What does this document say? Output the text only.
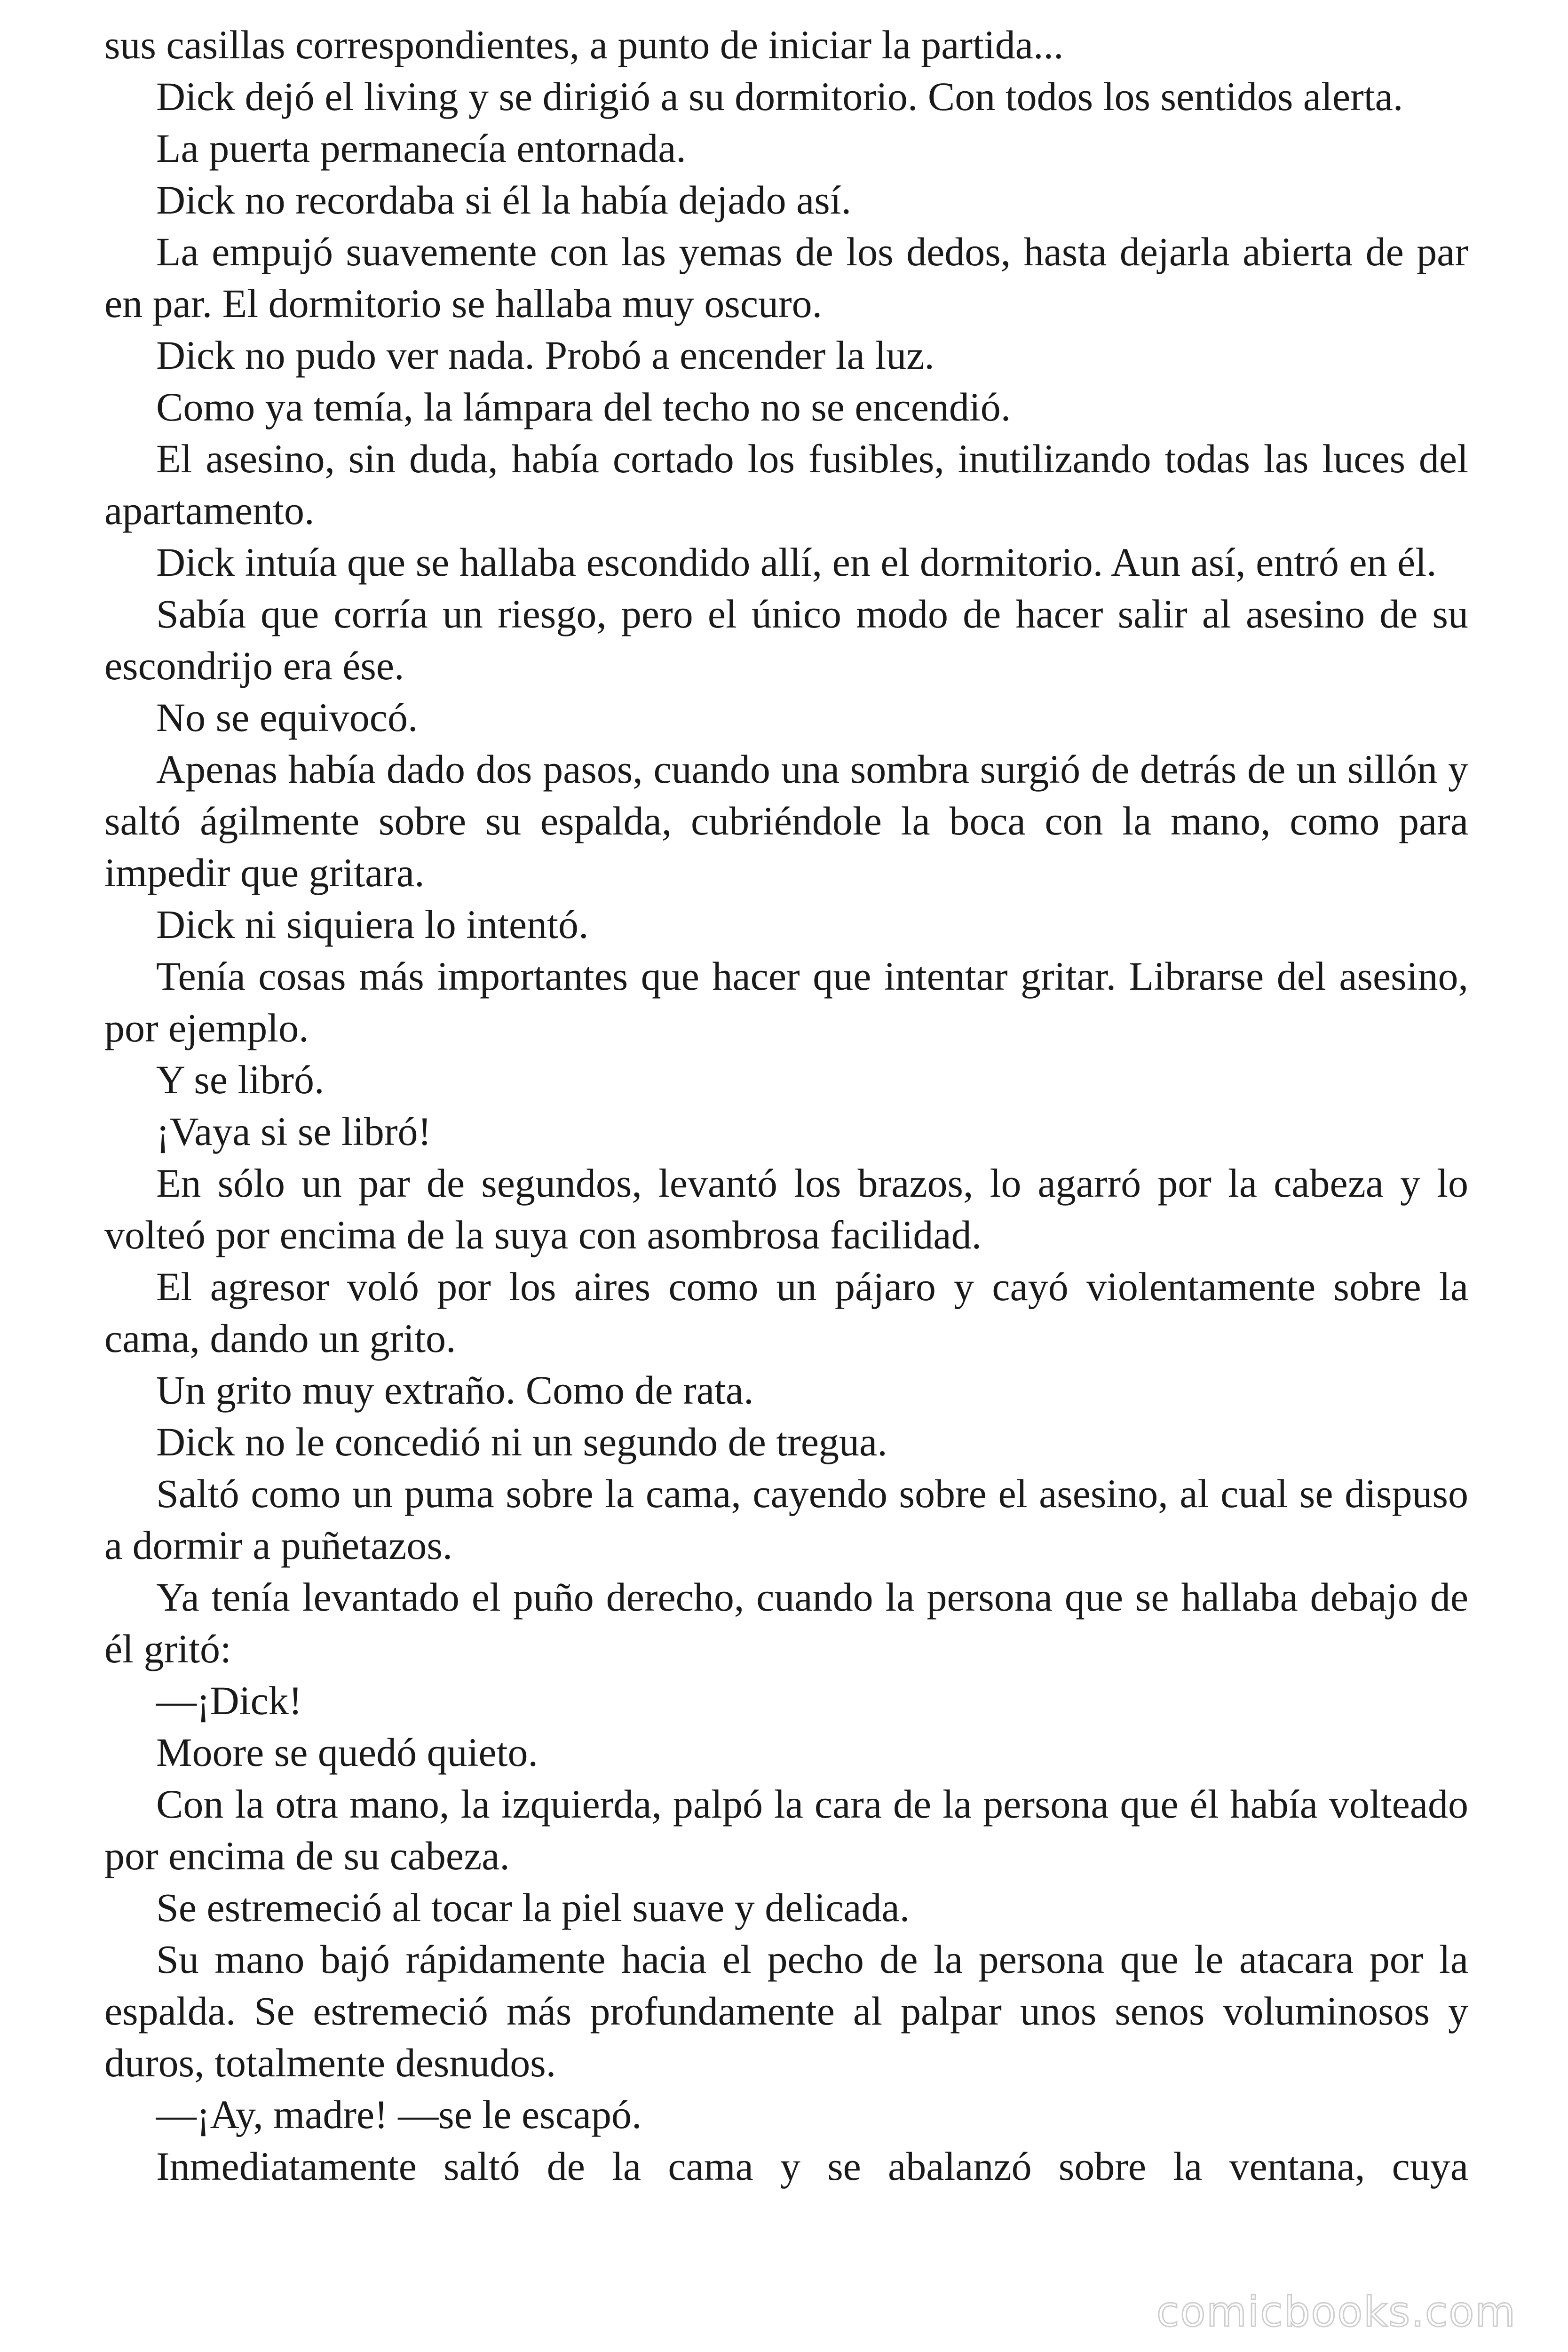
sus casillas correspondientes, a punto de iniciar la partida...

Dick dejó el living y se dirigió a su dormitorio. Con todos los sentidos alerta.

La puerta permanecía entornada.

Dick no recordaba si él la había dejado así.

La empujó suavemente con las yemas de los dedos, hasta dejarla abierta de par en par. El dormitorio se hallaba muy oscuro.

Dick no pudo ver nada. Probó a encender la luz.

Como ya temía, la lámpara del techo no se encendió.

El asesino, sin duda, había cortado los fusibles, inutilizando todas las luces del apartamento.

Dick intuía que se hallaba escondido allí, en el dormitorio. Aun así, entró en él.

Sabía que corría un riesgo, pero el único modo de hacer salir al asesino de su escondrijo era ése.

No se equivocó.

Apenas había dado dos pasos, cuando una sombra surgió de detrás de un sillón y saltó ágilmente sobre su espalda, cubriéndole la boca con la mano, como para impedir que gritara.

Dick ni siquiera lo intentó.

Tenía cosas más importantes que hacer que intentar gritar. Librarse del asesino, por ejemplo.

Y se libró.

¡Vaya si se libró!

En sólo un par de segundos, levantó los brazos, lo agarró por la cabeza y lo volteó por encima de la suya con asombrosa facilidad.

El agresor voló por los aires como un pájaro y cayó violentamente sobre la cama, dando un grito.

Un grito muy extraño. Como de rata.

Dick no le concedió ni un segundo de tregua.

Saltó como un puma sobre la cama, cayendo sobre el asesino, al cual se dispuso a dormir a puñetazos.

Ya tenía levantado el puño derecho, cuando la persona que se hallaba debajo de él gritó:

—¡Dick!

Moore se quedó quieto.

Con la otra mano, la izquierda, palpó la cara de la persona que él había volteado por encima de su cabeza.

Se estremeció al tocar la piel suave y delicada.

Su mano bajó rápidamente hacia el pecho de la persona que le atacara por la espalda. Se estremeció más profundamente al palpar unos senos voluminosos y duros, totalmente desnudos.

—¡Ay, madre! —se le escapó.

Inmediatamente saltó de la cama y se abalanzó sobre la ventana, cuya

comicbooks.com
